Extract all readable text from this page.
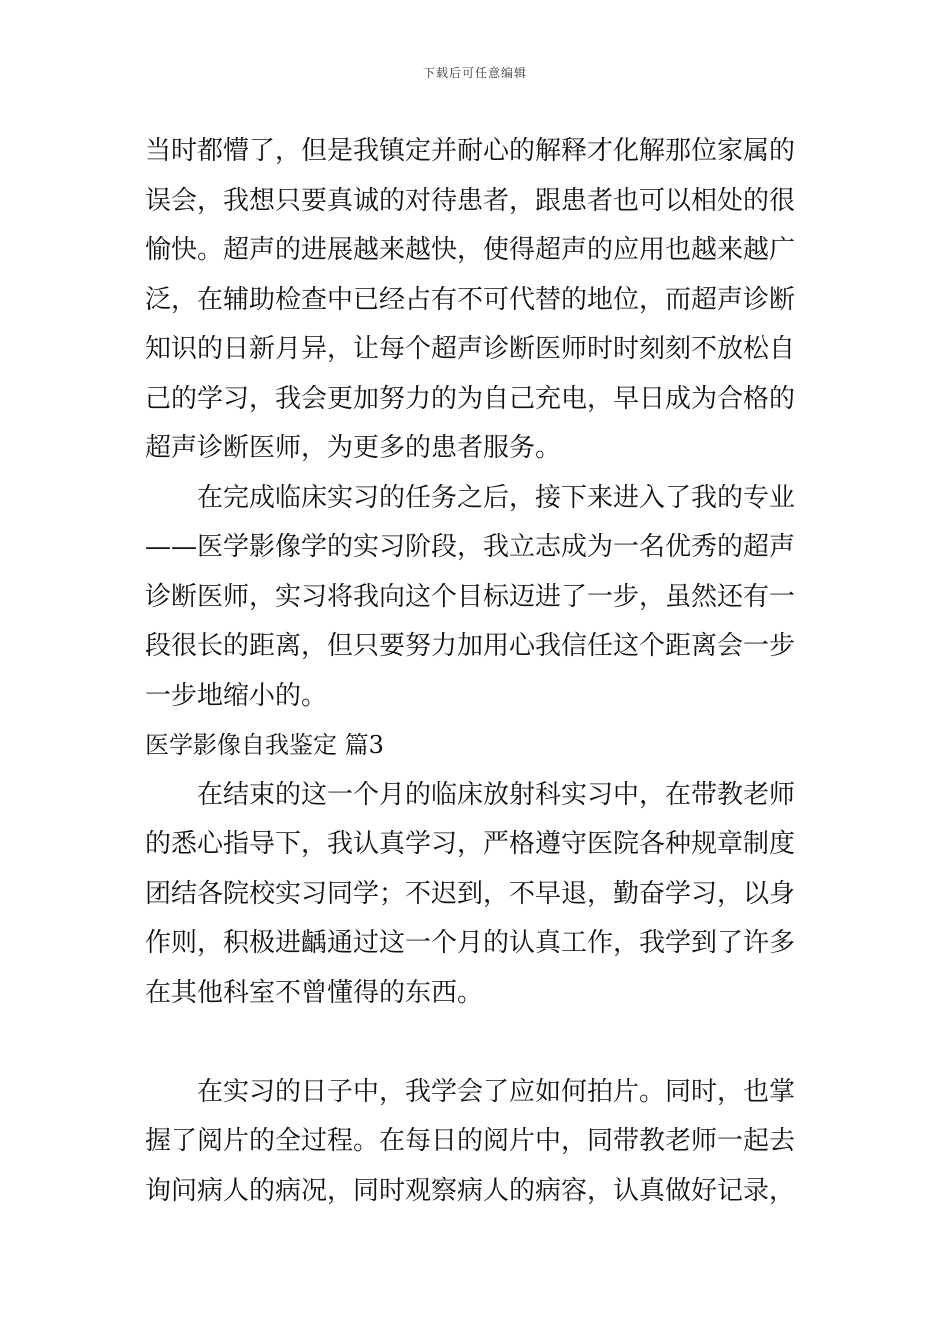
下载后可任意编辑
当时都懵了，但是我镇定并耐心的解释才化解那位家属的
误会，我想只要真诚的对待患者，跟患者也可以相处的很
愉快。超声的进展越来越快，使得超声的应用也越来越广
泛，在辅助检查中已经占有不可代替的地位，而超声诊断
知识的日新月异，让每个超声诊断医师时时刻刻不放松自
己的学习，我会更加努力的为自己充电，早日成为合格的
超声诊断医师，为更多的患者服务。
在完成临床实习的任务之后，接下来进入了我的专业
——医学影像学的实习阶段，我立志成为一名优秀的超声
诊断医师，实习将我向这个目标迈进了一步，虽然还有一
段很长的距离，但只要努力加用心我信任这个距离会一步
一步地缩小的。
医学影像自我鉴定 篇3
在结束的这一个月的临床放射科实习中，在带教老师
的悉心指导下，我认真学习，严格遵守医院各种规章制度
团结各院校实习同学；不迟到，不早退，勤奋学习，以身
作则，积极进齲通过这一个月的认真工作，我学到了许多
在其他科室不曾懂得的东西。
在实习的日子中，我学会了应如何拍片。同时，也掌
握了阅片的全过程。在每日的阅片中，同带教老师一起去
询问病人的病况，同时观察病人的病容，认真做好记录，
